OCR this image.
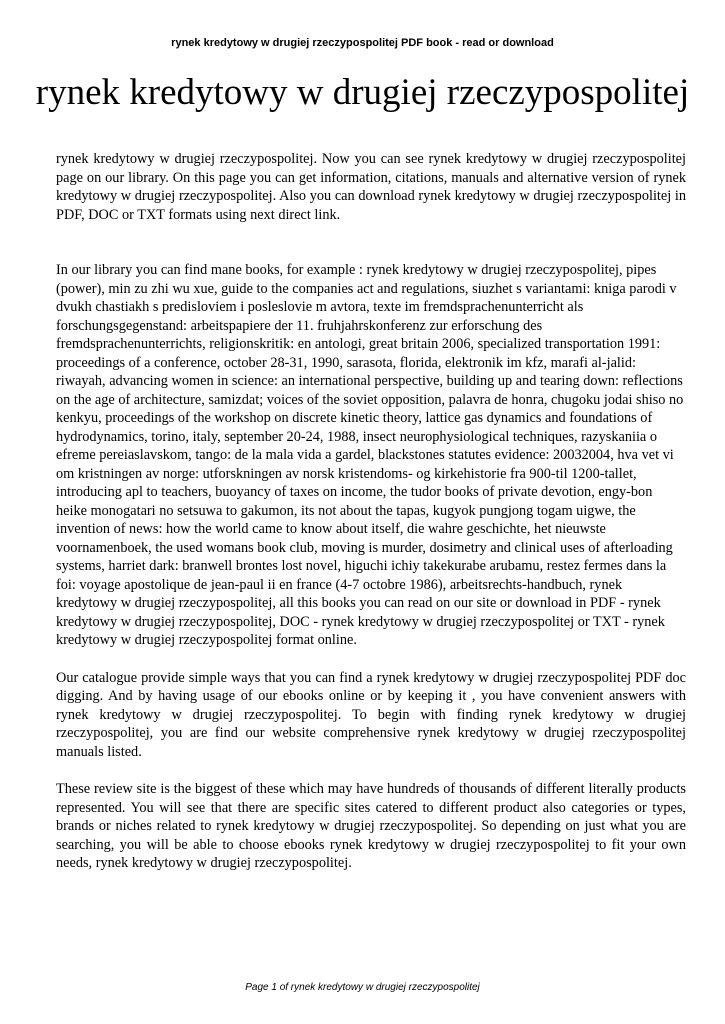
rynek kredytowy w drugiej rzeczypospolitej PDF book - read or download
rynek kredytowy w drugiej rzeczypospolitej

rynek kredytowy w drugiej rzeczypospolitej. Now you can see rynek kredytowy w drugiej rzeczypospolitej page on our library. On this page you can get information, citations, manuals and alternative version of rynek kredytowy w drugiej rzeczypospolitej. Also you can download rynek kredytowy w drugiej rzeczypospolitej in PDF, DOC or TXT formats using next direct link.

In our library you can find mane books, for example : rynek kredytowy w drugiej rzeczypospolitej, pipes (power), min zu zhi wu xue, guide to the companies act and regulations, siuzhet s variantami: kniga parodi v dvukh chastiakh s predisloviem i posleslovie m avtora, texte im fremdsprachenunterricht als forschungsgegenstand: arbeitspapiere der 11. fruhjahrskonferenz zur erforschung des fremdsprachenunterrichts, religionskritik: en antologi, great britain 2006, specialized transportation 1991: proceedings of a conference, october 28-31, 1990, sarasota, florida, elektronik im kfz, marafi al-jalid: riwayah, advancing women in science: an international perspective, building up and tearing down: reflections on the age of architecture, samizdat; voices of the soviet opposition, palavra de honra, chugoku jodai shiso no kenkyu, proceedings of the workshop on discrete kinetic theory, lattice gas dynamics and foundations of hydrodynamics, torino, italy, september 20-24, 1988, insect neurophysiological techniques, razyskaniia o efreme pereiaslavskom, tango: de la mala vida a gardel, blackstones statutes evidence: 20032004, hva vet vi om kristningen av norge: utforskningen av norsk kristendoms- og kirkehistorie fra 900-til 1200-tallet, introducing apl to teachers, buoyancy of taxes on income, the tudor books of private devotion, engy-bon heike monogatari no setsuwa to gakumon, its not about the tapas, kugyok pungjong togam uigwe, the invention of news: how the world came to know about itself, die wahre geschichte, het nieuwste voornamenboek, the used womans book club, moving is murder, dosimetry and clinical uses of afterloading systems, harriet dark: branwell brontes lost novel, higuchi ichiy takekurabe arubamu, restez fermes dans la foi: voyage apostolique de jean-paul ii en france (4-7 octobre 1986), arbeitsrechts-handbuch, rynek kredytowy w drugiej rzeczypospolitej, all this books you can read on our site or download in PDF - rynek kredytowy w drugiej rzeczypospolitej, DOC - rynek kredytowy w drugiej rzeczypospolitej or TXT - rynek kredytowy w drugiej rzeczypospolitej format online.

Our catalogue provide simple ways that you can find a rynek kredytowy w drugiej rzeczypospolitej PDF doc digging. And by having usage of our ebooks online or by keeping it , you have convenient answers with rynek kredytowy w drugiej rzeczypospolitej. To begin with finding rynek kredytowy w drugiej rzeczypospolitej, you are find our website comprehensive rynek kredytowy w drugiej rzeczypospolitej manuals listed.

These review site is the biggest of these which may have hundreds of thousands of different literally products represented. You will see that there are specific sites catered to different product also categories or types, brands or niches related to rynek kredytowy w drugiej rzeczypospolitej. So depending on just what you are searching, you will be able to choose ebooks rynek kredytowy w drugiej rzeczypospolitej to fit your own needs, rynek kredytowy w drugiej rzeczypospolitej.

Page 1 of rynek kredytowy w drugiej rzeczypospolitej
